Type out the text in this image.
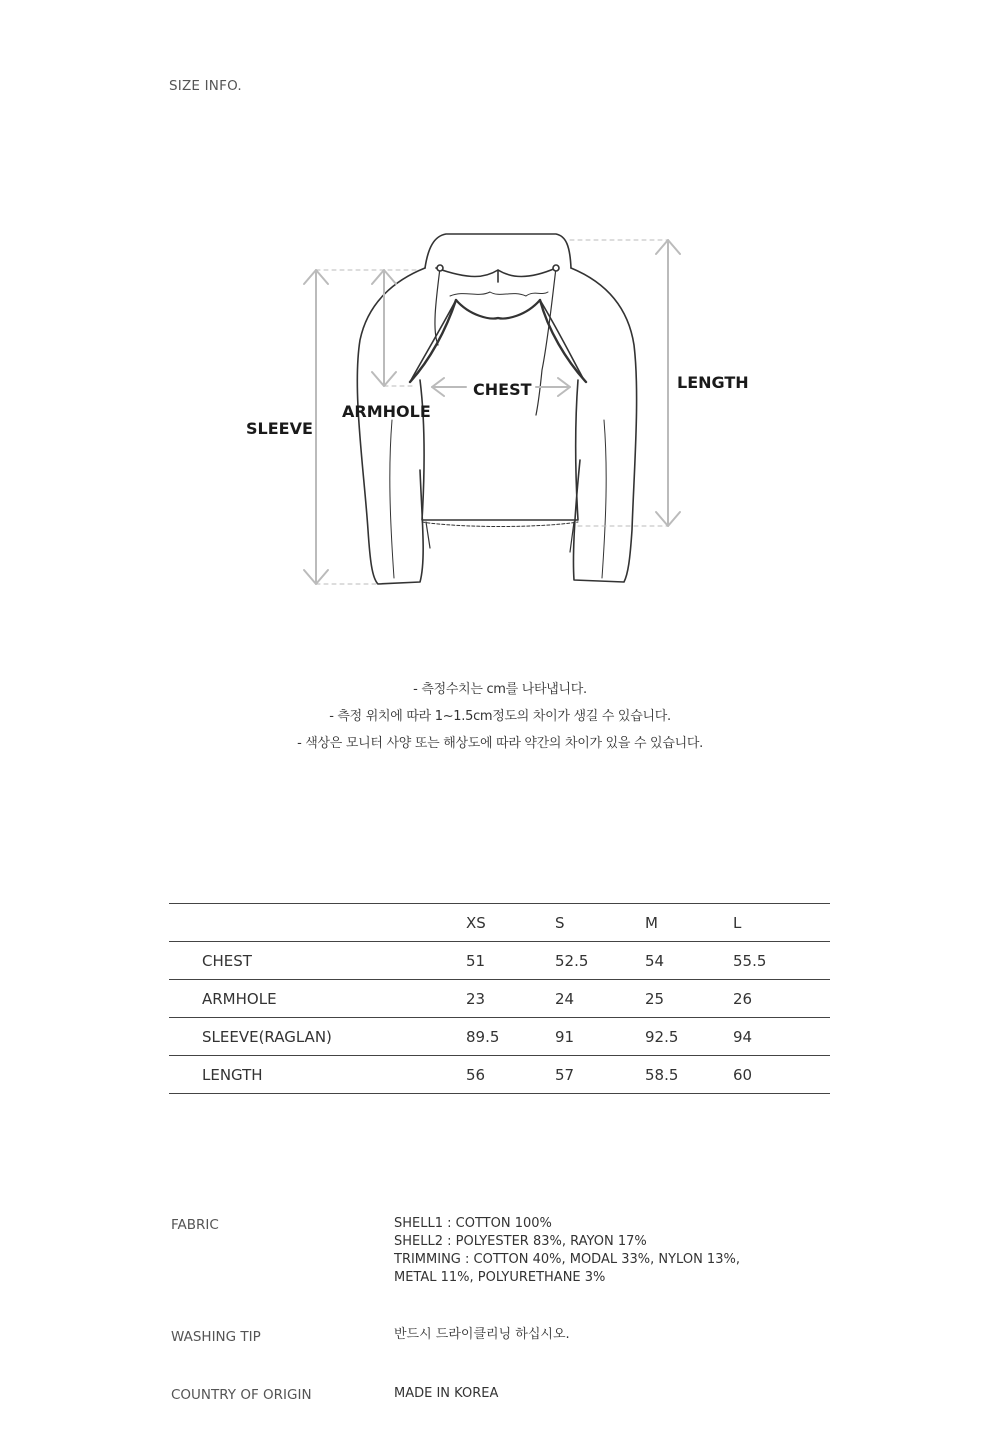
SIZE INFO.
SLEEVE
ARMHOLE
CHEST	LENGTH
- 측정수치는 cm를 나타냅니다.
- 측정 위치에 따라 1~1.5cm정도의 차이가 생길 수 있습니다.
- 색상은 모니터 사양 또는 해상도에 따라 약간의 차이가 있을 수 있습니다.
	XS	S	M	L
CHEST	51	52.5	54	55.5
ARMHOLE	23	24	25	26
SLEEVE(RAGLAN)	89.5	91	92.5	94
LENGTH	56	57	58.5	60
FABRIC	SHELL1 : COTTON 100%
SHELL2 : POLYESTER 83%, RAYON 17%
TRIMMING : COTTON 40%, MODAL 33%, NYLON 13%,
METAL 11%, POLYURETHANE 3%
WASHING TIP	반드시 드라이클리닝 하십시오.
COUNTRY OF ORIGIN	MADE IN KOREA
